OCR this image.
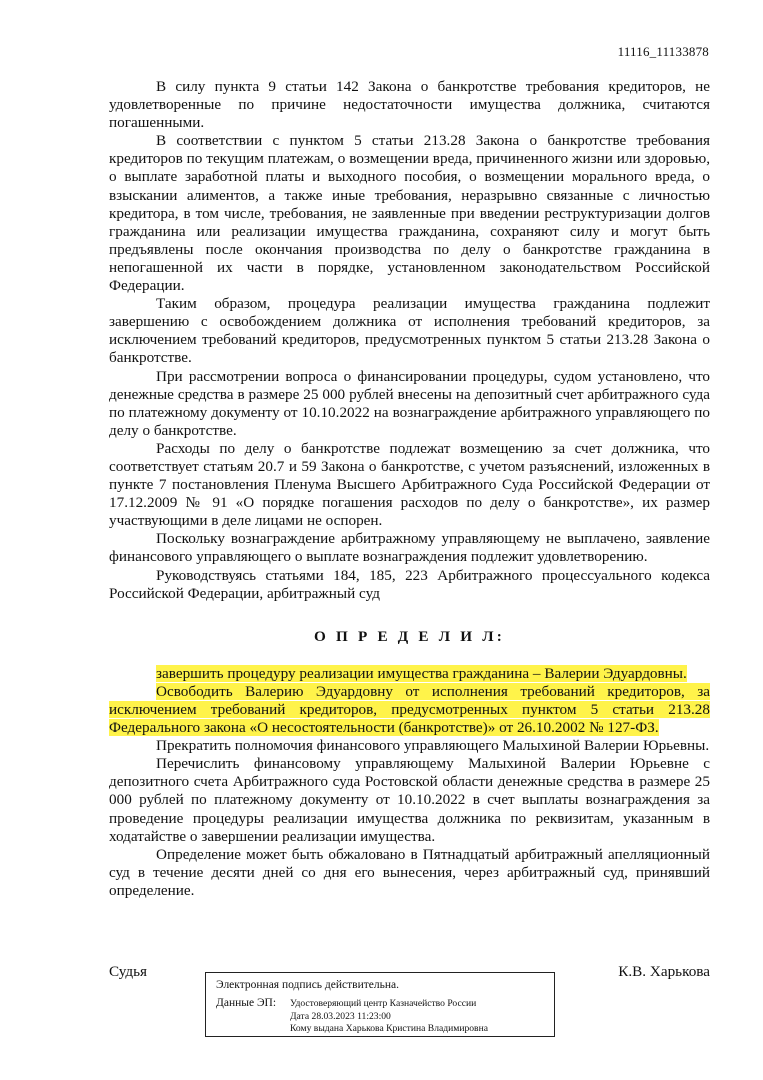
11116_11133878

В силу пункта 9 статьи 142 Закона о банкротстве требования кредиторов, не удовлетворенные по причине недостаточности имущества должника, считаются погашенными.

В соответствии с пунктом 5 статьи 213.28 Закона о банкротстве требования кредиторов по текущим платежам, о возмещении вреда, причиненного жизни или здоровью, о выплате заработной платы и выходного пособия, о возмещении морального вреда, о взыскании алиментов, а также иные требования, неразрывно связанные с личностью кредитора, в том числе, требования, не заявленные при введении реструктуризации долгов гражданина или реализации имущества гражданина, сохраняют силу и могут быть предъявлены после окончания производства по делу о банкротстве гражданина в непогашенной их части в порядке, установленном законодательством Российской Федерации.

Таким образом, процедура реализации имущества гражданина подлежит завершению с освобождением должника от исполнения требований кредиторов, за исключением требований кредиторов, предусмотренных пунктом 5 статьи 213.28 Закона о банкротстве.

При рассмотрении вопроса о финансировании процедуры, судом установлено, что денежные средства в размере 25 000 рублей внесены на депозитный счет арбитражного суда по платежному документу от 10.10.2022 на вознаграждение арбитражного управляющего по делу о банкротстве.

Расходы по делу о банкротстве подлежат возмещению за счет должника, что соответствует статьям 20.7 и 59 Закона о банкротстве, с учетом разъяснений, изложенных в пункте 7 постановления Пленума Высшего Арбитражного Суда Российской Федерации от 17.12.2009 № 91 «О порядке погашения расходов по делу о банкротстве», их размер участвующими в деле лицами не оспорен.

Поскольку вознаграждение арбитражному управляющему не выплачено, заявление финансового управляющего о выплате вознаграждения подлежит удовлетворению.

Руководствуясь статьями 184, 185, 223 Арбитражного процессуального кодекса Российской Федерации, арбитражный суд

О П Р Е Д Е Л И Л:

завершить процедуру реализации имущества гражданина – Валерии Эдуардовны.

Освободить Валерию Эдуардовну от исполнения требований кредиторов, за исключением требований кредиторов, предусмотренных пунктом 5 статьи 213.28 Федерального закона «О несостоятельности (банкротстве)» от 26.10.2002 № 127-ФЗ.

Прекратить полномочия финансового управляющего Малыхиной Валерии Юрьевны.

Перечислить финансовому управляющему Малыхиной Валерии Юрьевне с депозитного счета Арбитражного суда Ростовской области денежные средства в размере 25 000 рублей по платежному документу от 10.10.2022 в счет выплаты вознаграждения за проведение процедуры реализации имущества должника по реквизитам, указанным в ходатайстве о завершении реализации имущества.

Определение может быть обжаловано в Пятнадцатый арбитражный апелляционный суд в течение десяти дней со дня его вынесения, через арбитражный суд, принявший определение.

Судья	К.В. Харькова
Электронная подпись действительна.
Данные ЭП: Удостоверяющий центр Казначейство России
Дата 28.03.2023 11:23:00
Кому выдана Харькова Кристина Владимировна
